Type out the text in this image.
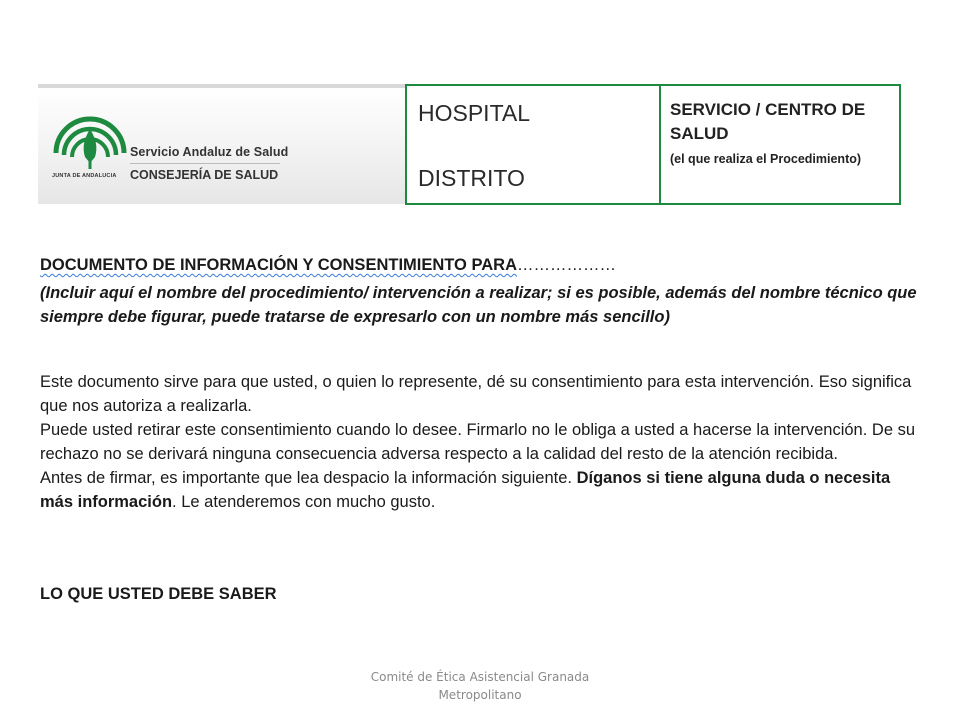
JUNTA DE ANDALUCIA
Servicio Andaluz de Salud
CONSEJERÍA DE SALUD
HOSPITAL
DISTRITO
SERVICIO / CENTRO DE
SALUD
(el que realiza el Procedimiento)
DOCUMENTO DE INFORMACIÓN Y CONSENTIMIENTO PARA………………
(Incluir aquí el nombre del procedimiento/ intervención a realizar; si es posible, además del nombre técnico que siempre debe figurar, puede tratarse de expresarlo con un nombre más sencillo)

Este documento sirve para que usted, o quien lo represente, dé su consentimiento para esta intervención. Eso significa que nos autoriza a realizarla.

Puede usted retirar este consentimiento cuando lo desee. Firmarlo no le obliga a usted a hacerse la intervención. De su rechazo no se derivará ninguna consecuencia adversa respecto a la calidad del resto de la atención recibida.

Antes de firmar, es importante que lea despacio la información siguiente. Díganos si tiene alguna duda o necesita más información. Le atenderemos con mucho gusto.

LO QUE USTED DEBE SABER
Comité de Ética Asistencial Granada
Metropolitano
